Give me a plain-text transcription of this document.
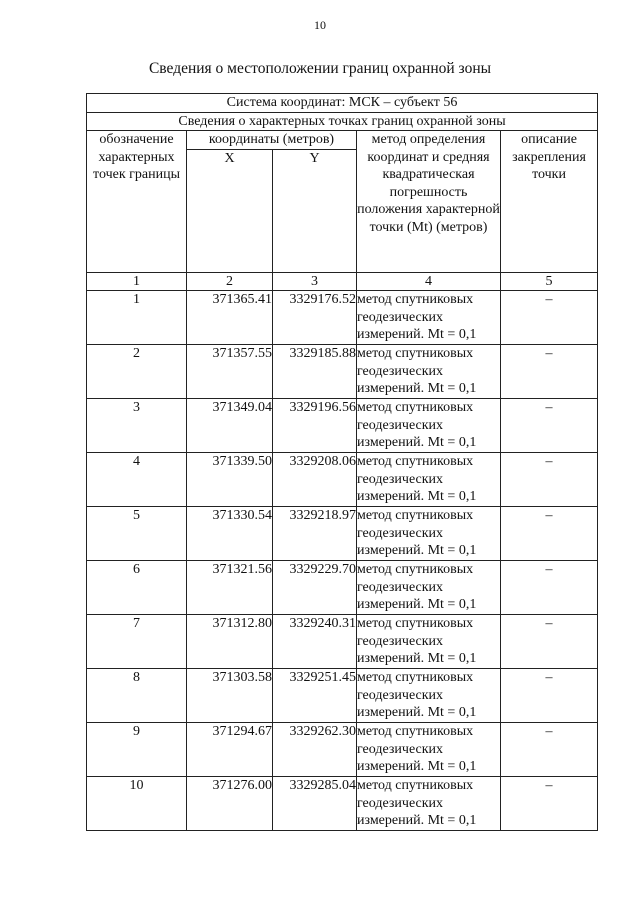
10
Сведения о местоположении границ охранной зоны
Система координат: МСК – субъект 56				
Сведения о характерных точках границ охранной зоны				
обозначение характерных точек границы	координаты (метров)		метод определения координат и средняя квадратическая погрешность положения характерной точки (Mt) (метров)	описание закрепления точки
	X	Y		
1	2	3	4	5
1	371365.41	3329176.52	метод спутниковых геодезических измерений. Mt = 0,1	–
2	371357.55	3329185.88	метод спутниковых геодезических измерений. Mt = 0,1	–
3	371349.04	3329196.56	метод спутниковых геодезических измерений. Mt = 0,1	–
4	371339.50	3329208.06	метод спутниковых геодезических измерений. Mt = 0,1	–
5	371330.54	3329218.97	метод спутниковых геодезических измерений. Mt = 0,1	–
6	371321.56	3329229.70	метод спутниковых геодезических измерений. Mt = 0,1	–
7	371312.80	3329240.31	метод спутниковых геодезических измерений. Mt = 0,1	–
8	371303.58	3329251.45	метод спутниковых геодезических измерений. Mt = 0,1	–
9	371294.67	3329262.30	метод спутниковых геодезических измерений. Mt = 0,1	–
10	371276.00	3329285.04	метод спутниковых геодезических измерений. Mt = 0,1	–
